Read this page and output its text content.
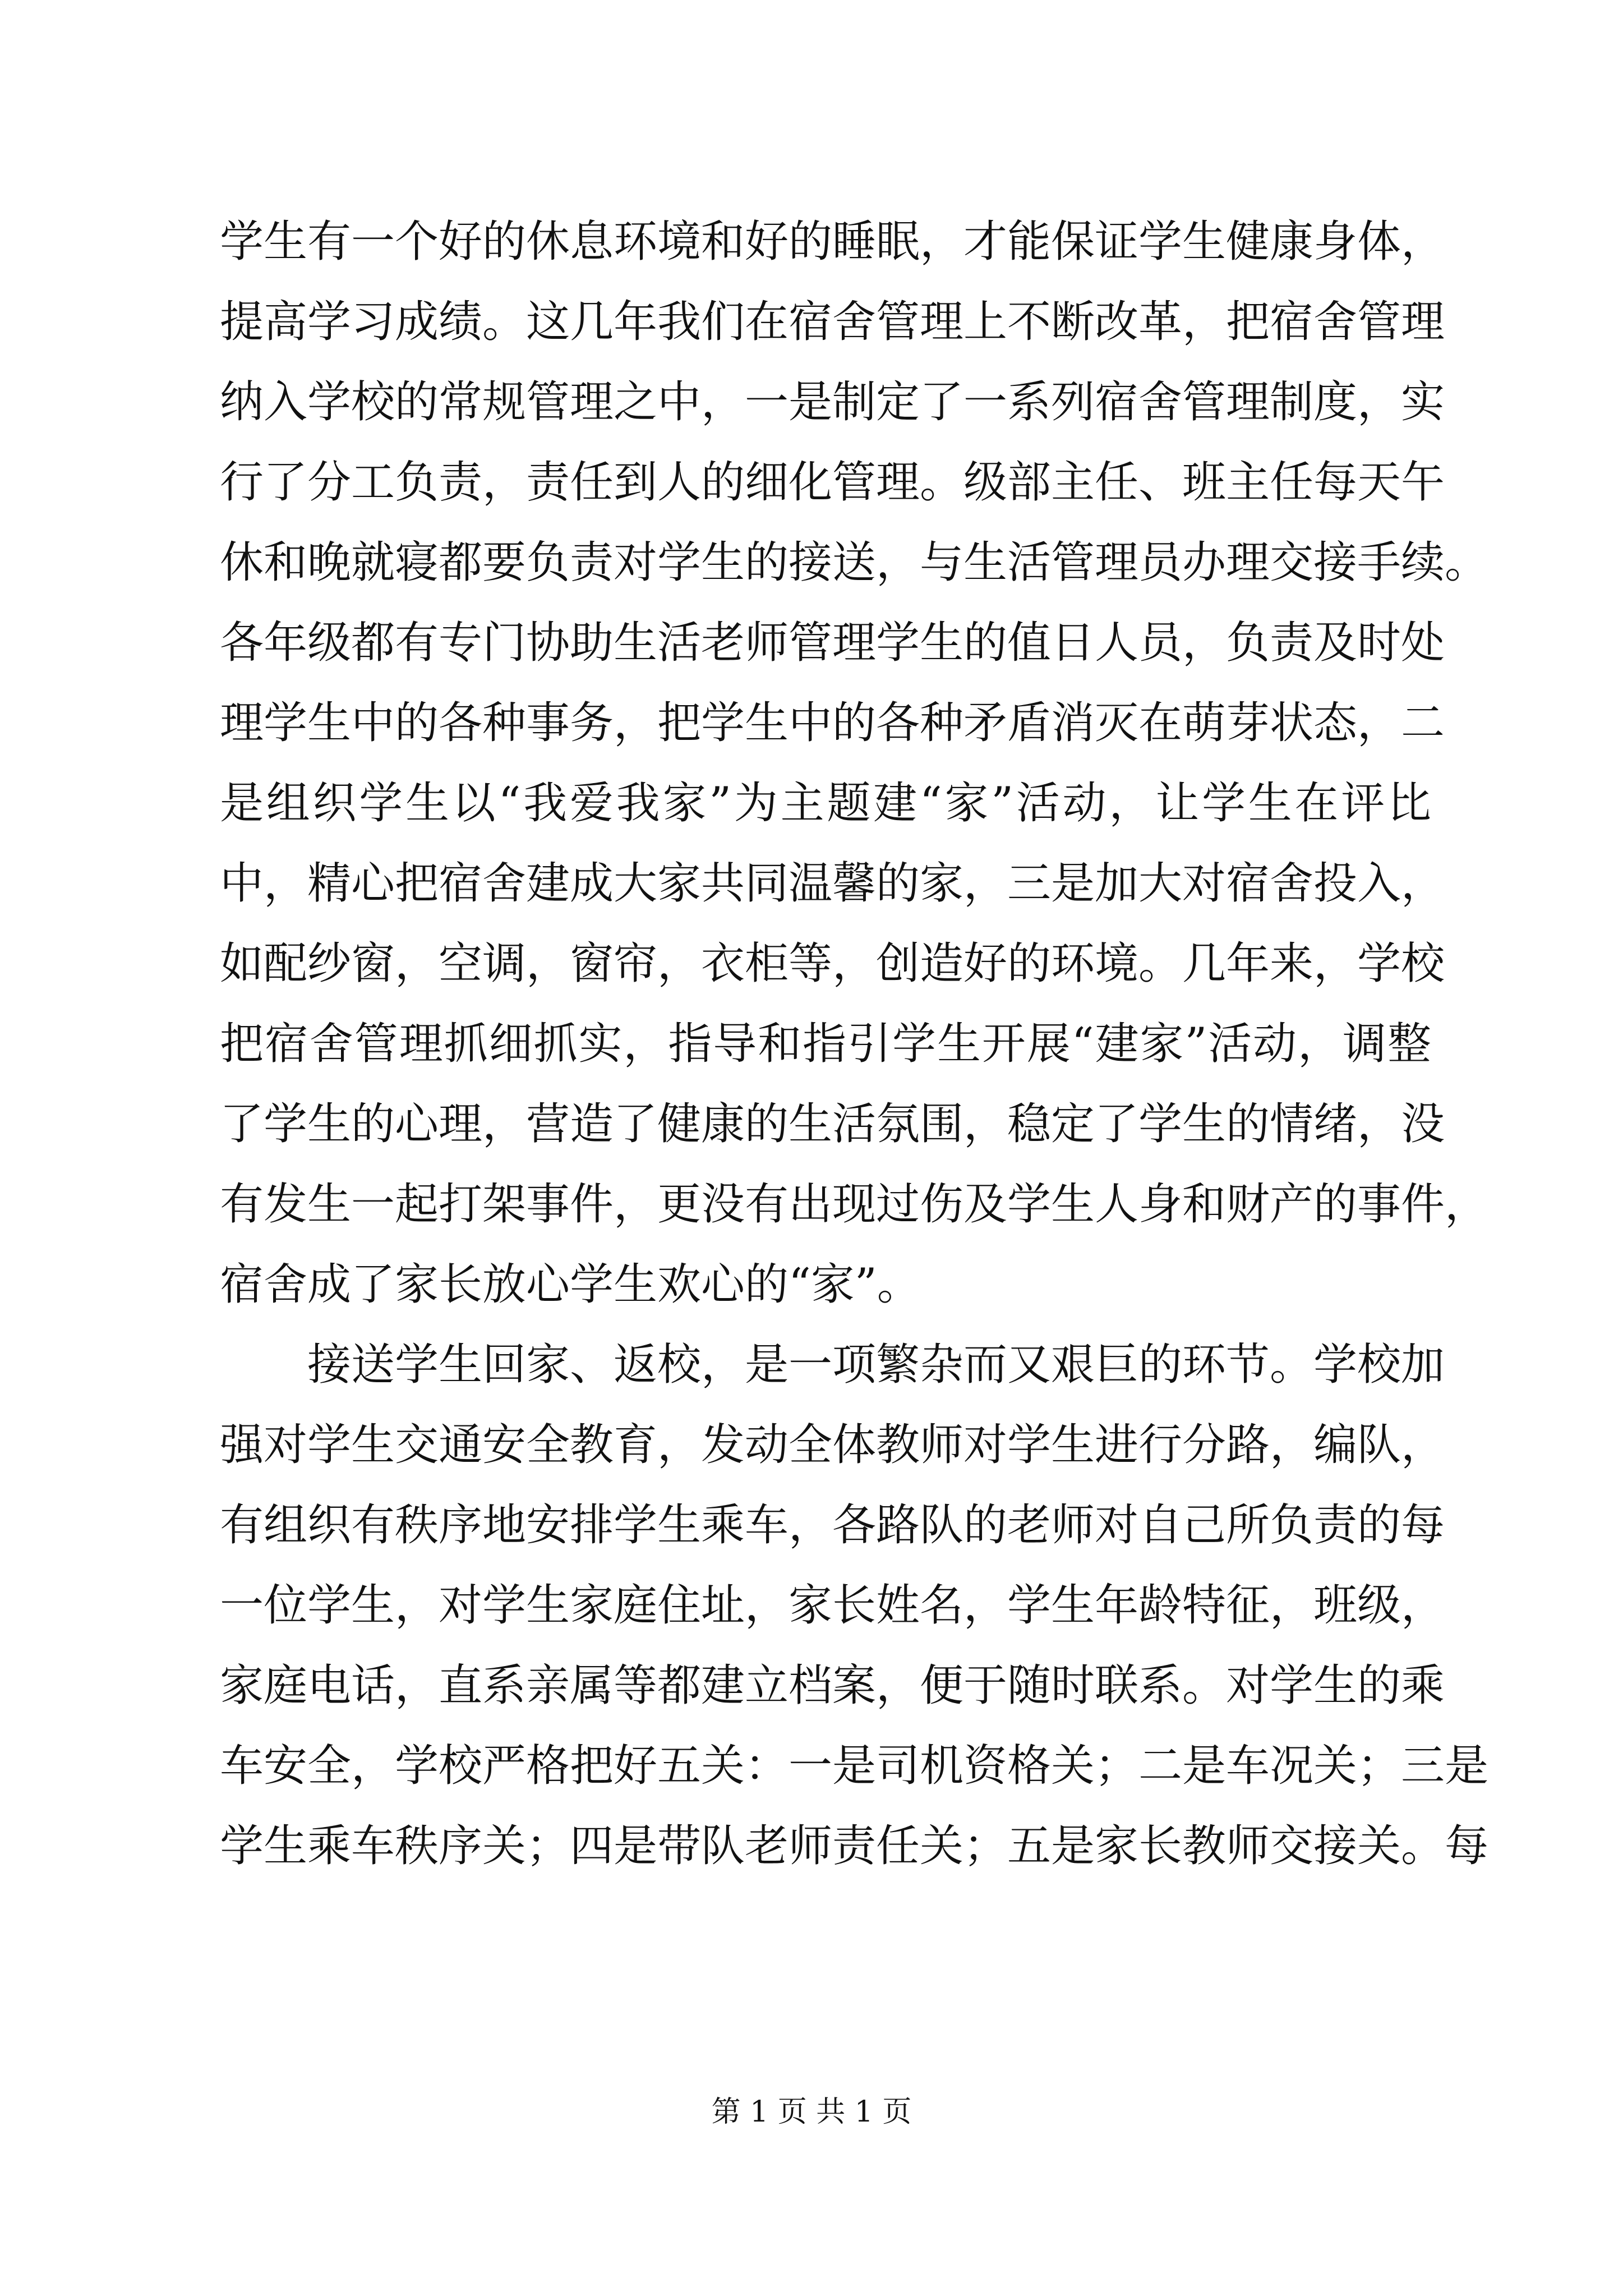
学生有一个好的休息环境和好的睡眠，才能保证学生健康身体，
提高学习成绩。这几年我们在宿舍管理上不断改革，把宿舍管理
纳入学校的常规管理之中，一是制定了一系列宿舍管理制度，实
行了分工负责，责任到人的细化管理。级部主任、班主任每天午
休和晚就寝都要负责对学生的接送，与生活管理员办理交接手续。
各年级都有专门协助生活老师管理学生的值日人员，负责及时处
理学生中的各种事务，把学生中的各种矛盾消灭在萌芽状态，二
是组织学生以“我爱我家”为主题建“家”活动，让学生在评比
中，精心把宿舍建成大家共同温馨的家，三是加大对宿舍投入，
如配纱窗，空调，窗帘，衣柜等，创造好的环境。几年来，学校
把宿舍管理抓细抓实，指导和指引学生开展“建家”活动，调整
了学生的心理，营造了健康的生活氛围，稳定了学生的情绪，没
有发生一起打架事件，更没有出现过伤及学生人身和财产的事件，
宿舍成了家长放心学生欢心的“家”。
接送学生回家、返校，是一项繁杂而又艰巨的环节。学校加
强对学生交通安全教育，发动全体教师对学生进行分路，编队，
有组织有秩序地安排学生乘车，各路队的老师对自己所负责的每
一位学生，对学生家庭住址，家长姓名，学生年龄特征，班级，
家庭电话，直系亲属等都建立档案，便于随时联系。对学生的乘
车安全，学校严格把好五关：一是司机资格关；二是车况关；三是
学生乘车秩序关；四是带队老师责任关；五是家长教师交接关。每
第 1 页 共 1 页
